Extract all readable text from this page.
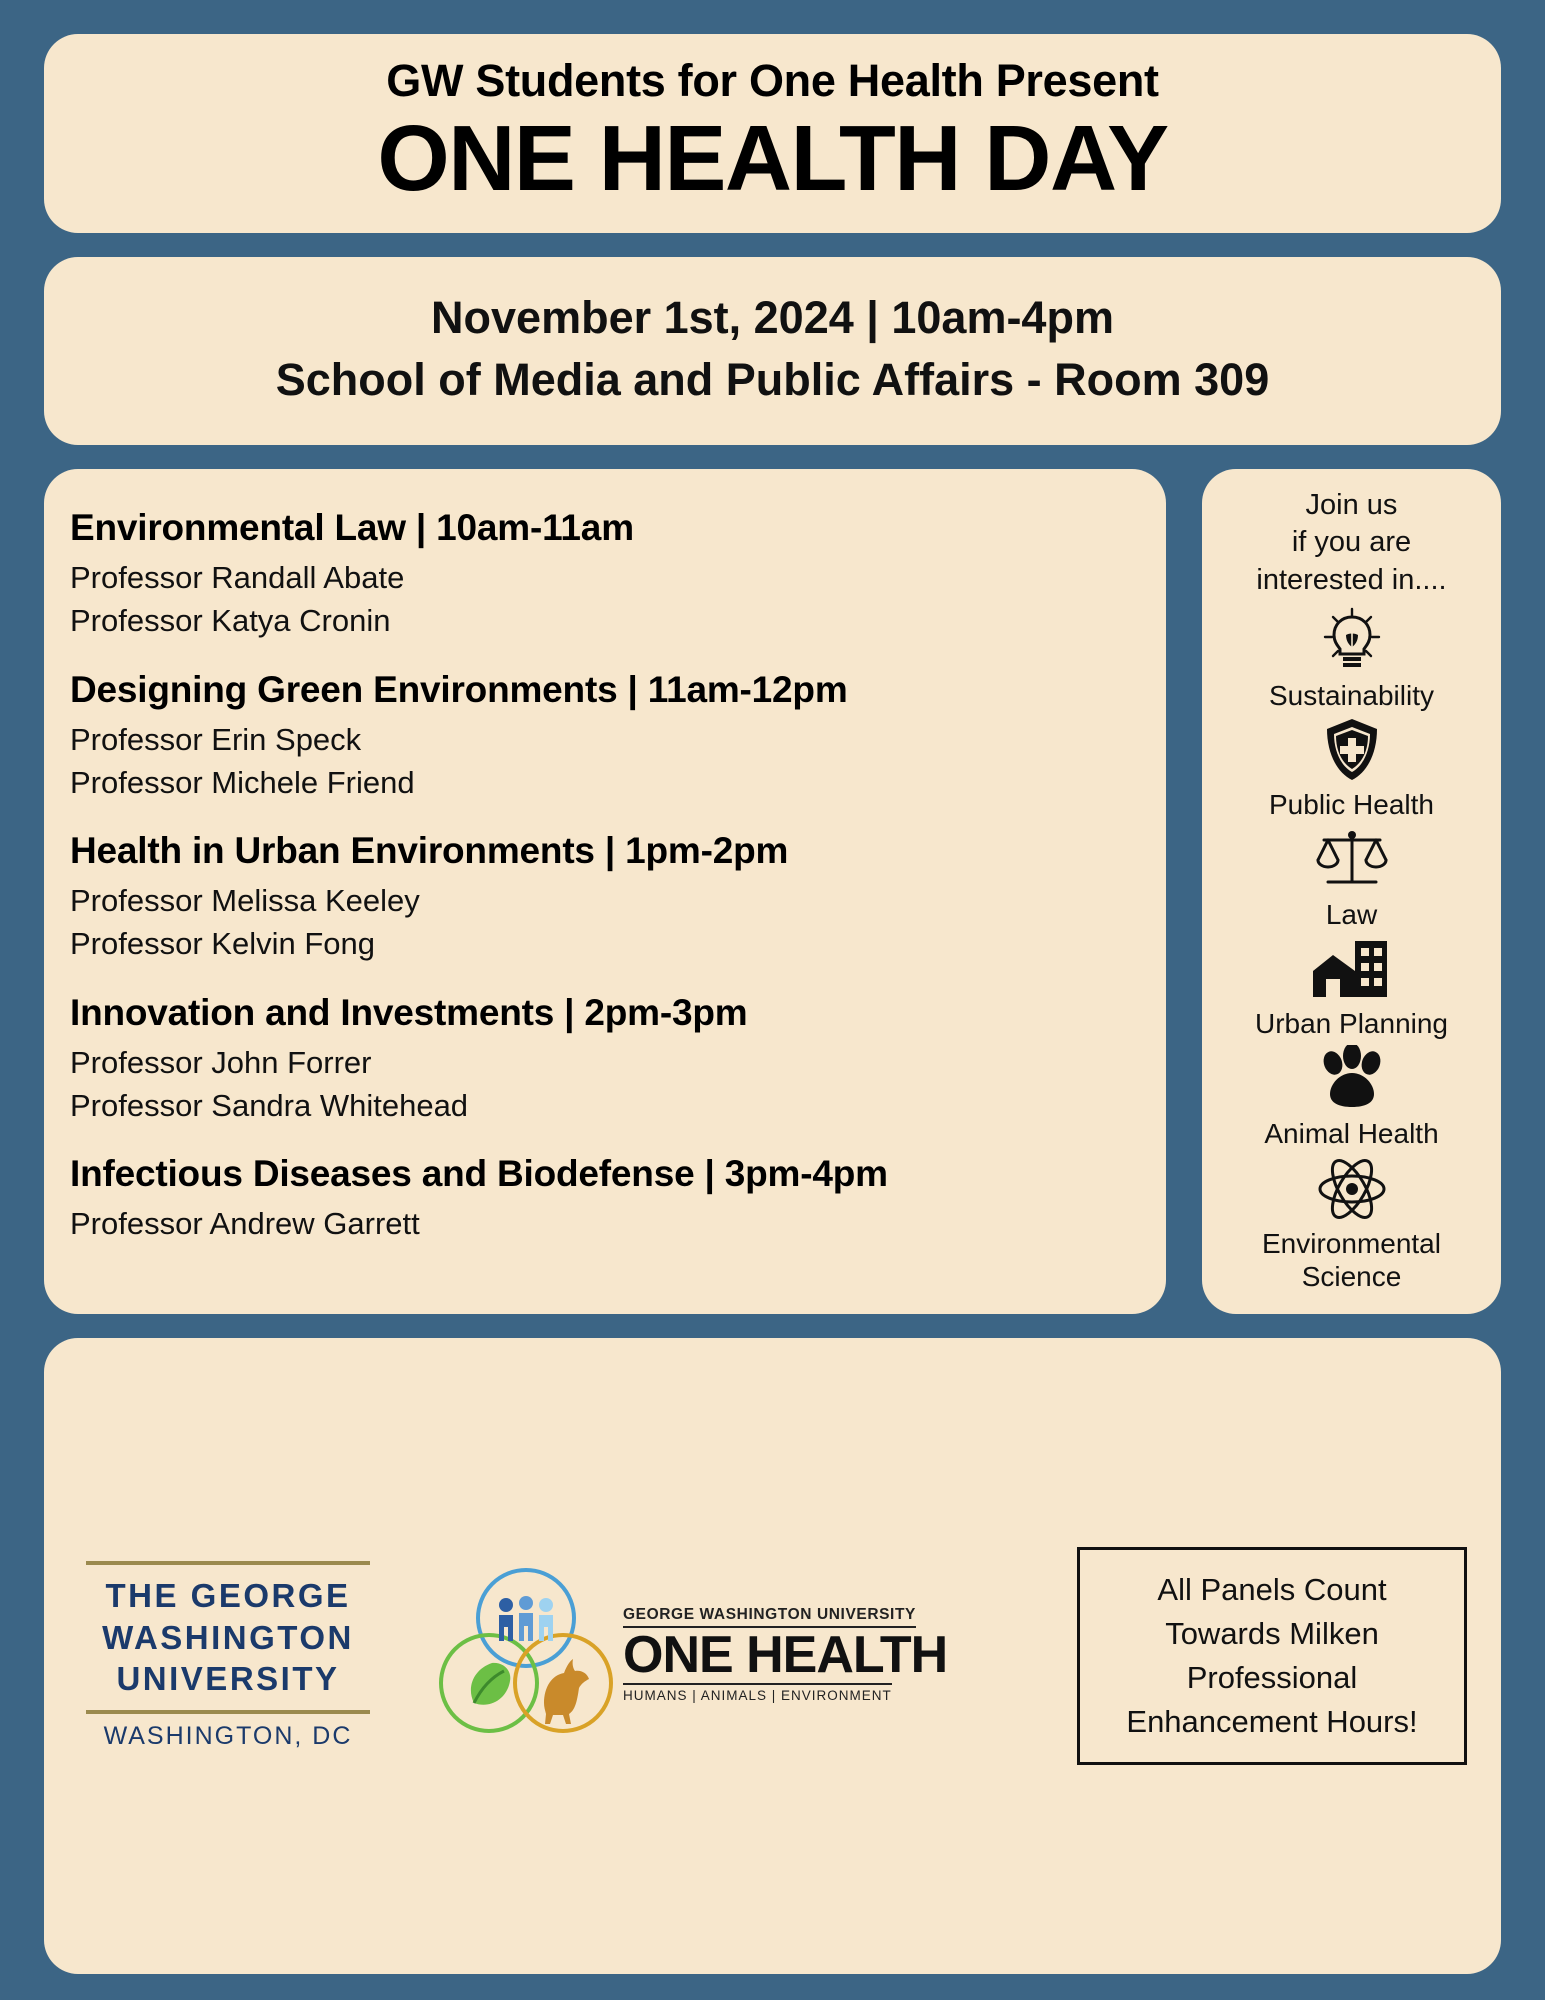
GW Students for One Health Present
ONE HEALTH DAY
November 1st, 2024 | 10am-4pm
School of Media and Public Affairs - Room 309
Environmental Law | 10am-11am
Professor Randall Abate
Professor Katya Cronin
Designing Green Environments | 11am-12pm
Professor Erin Speck
Professor Michele Friend
Health in Urban Environments | 1pm-2pm
Professor Melissa Keeley
Professor Kelvin Fong
Innovation and Investments | 2pm-3pm
Professor John Forrer
Professor Sandra Whitehead
Infectious Diseases and Biodefense | 3pm-4pm
Professor Andrew Garrett
Join us
if you are
interested in....
Sustainability
Public Health
Law
Urban Planning
Animal Health
Environmental Science
THE GEORGE
WASHINGTON
UNIVERSITY
WASHINGTON, DC
GEORGE WASHINGTON UNIVERSITY
ONE HEALTH
HUMANS | ANIMALS | ENVIRONMENT
All Panels Count
Towards Milken
Professional
Enhancement Hours!
